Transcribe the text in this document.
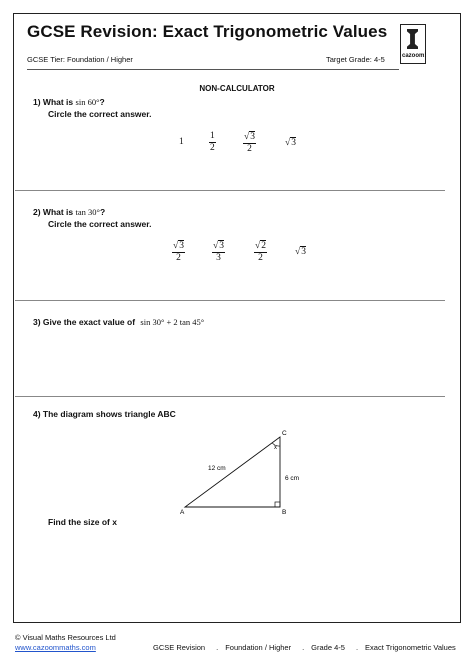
GCSE Revision: Exact Trigonometric Values
cazoom!
GCSE Tier: Foundation / Higher	Target Grade: 4-5
NON-CALCULATOR
1) What is sin 60°?
Circle the correct answer.
1	$\frac{1}{2}$	$\frac{√3}{2}$	√3
2) What is tan 30°?
Circle the correct answer.
$\frac{√3}{2}$	$\frac{√3}{3}$	$\frac{√2}{2}$	√3
3) Give the exact value of sin 30° + 2 tan 45°
4) The diagram shows triangle ABC
A	B
C
x
12 cm
6 cm
Find the size of x
© Visual Maths Resources Ltd
www.cazoommaths.com	GCSE Revision . Foundation / Higher . Grade 4-5 . Exact Trigonometric Values
